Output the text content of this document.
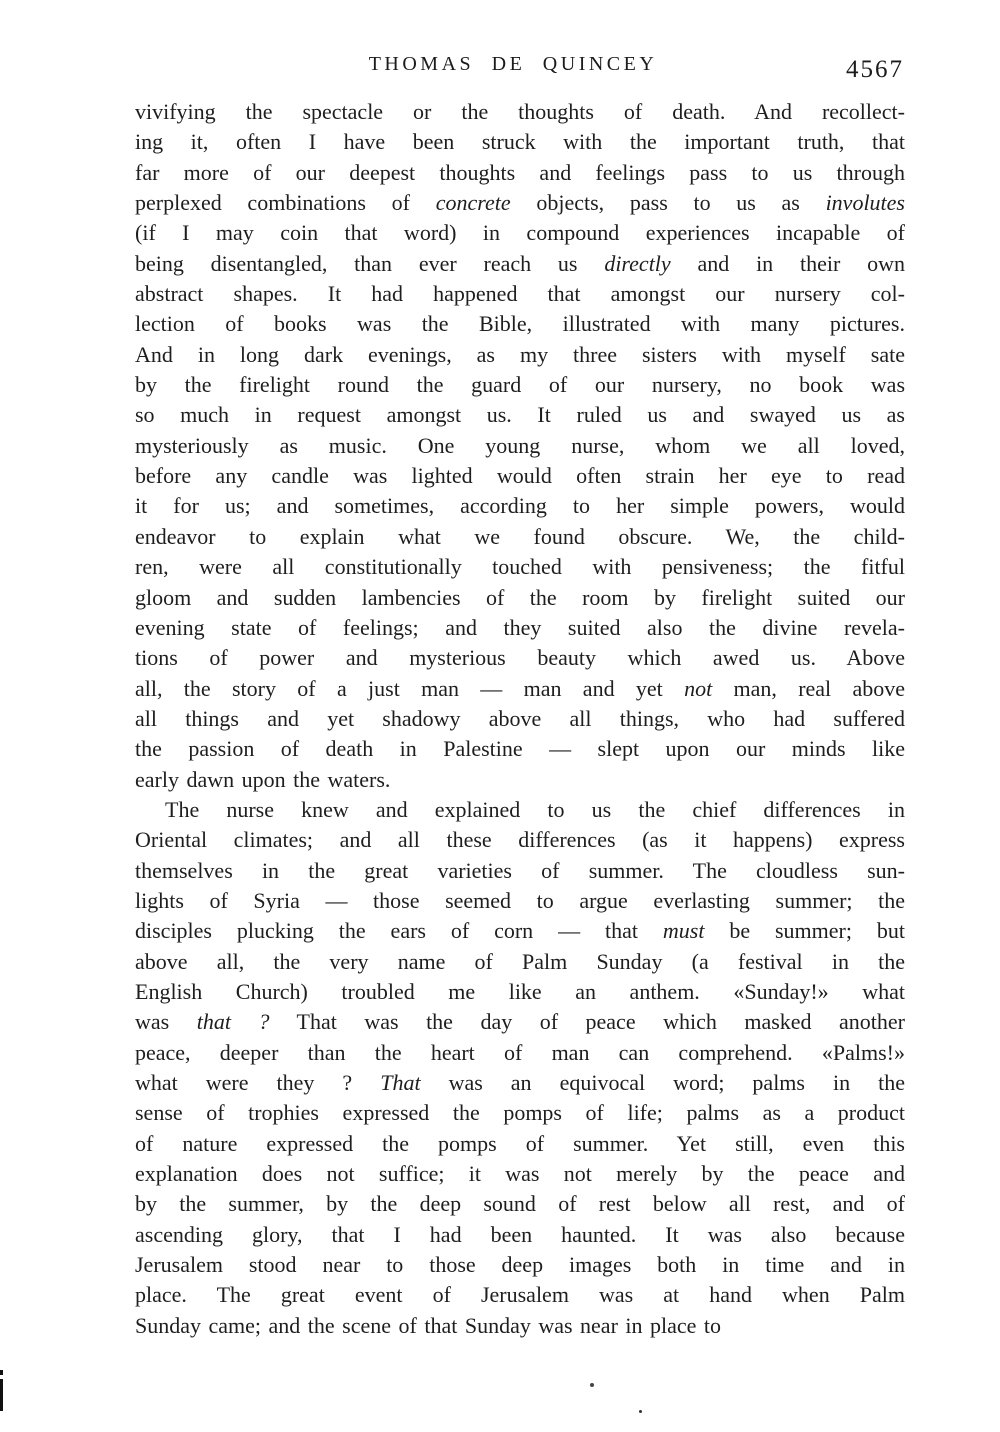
THOMAS DE QUINCEY	4567
vivifying the spectacle or the thoughts of death. And recollect-
ing it, often I have been struck with the important truth, that
far more of our deepest thoughts and feelings pass to us through
perplexed combinations of concrete objects, pass to us as involutes
(if I may coin that word) in compound experiences incapable of
being disentangled, than ever reach us directly and in their own
abstract shapes. It had happened that amongst our nursery col-
lection of books was the Bible, illustrated with many pictures.
And in long dark evenings, as my three sisters with myself sate
by the firelight round the guard of our nursery, no book was
so much in request amongst us. It ruled us and swayed us as
mysteriously as music. One young nurse, whom we all loved,
before any candle was lighted would often strain her eye to read
it for us; and sometimes, according to her simple powers, would
endeavor to explain what we found obscure. We, the child-
ren, were all constitutionally touched with pensiveness; the fitful
gloom and sudden lambencies of the room by firelight suited our
evening state of feelings; and they suited also the divine revela-
tions of power and mysterious beauty which awed us. Above
all, the story of a just man — man and yet not man, real above
all things and yet shadowy above all things, who had suffered
the passion of death in Palestine — slept upon our minds like
early dawn upon the waters.
The nurse knew and explained to us the chief differences in
Oriental climates; and all these differences (as it happens) express
themselves in the great varieties of summer. The cloudless sun-
lights of Syria — those seemed to argue everlasting summer; the
disciples plucking the ears of corn — that must be summer; but
above all, the very name of Palm Sunday (a festival in the
English Church) troubled me like an anthem. «Sunday!» what
was that ? That was the day of peace which masked another
peace, deeper than the heart of man can comprehend. «Palms!»
what were they ? That was an equivocal word; palms in the
sense of trophies expressed the pomps of life; palms as a product
of nature expressed the pomps of summer. Yet still, even this
explanation does not suffice; it was not merely by the peace and
by the summer, by the deep sound of rest below all rest, and of
ascending glory, that I had been haunted. It was also because
Jerusalem stood near to those deep images both in time and in
place. The great event of Jerusalem was at hand when Palm
Sunday came; and the scene of that Sunday was near in place to
